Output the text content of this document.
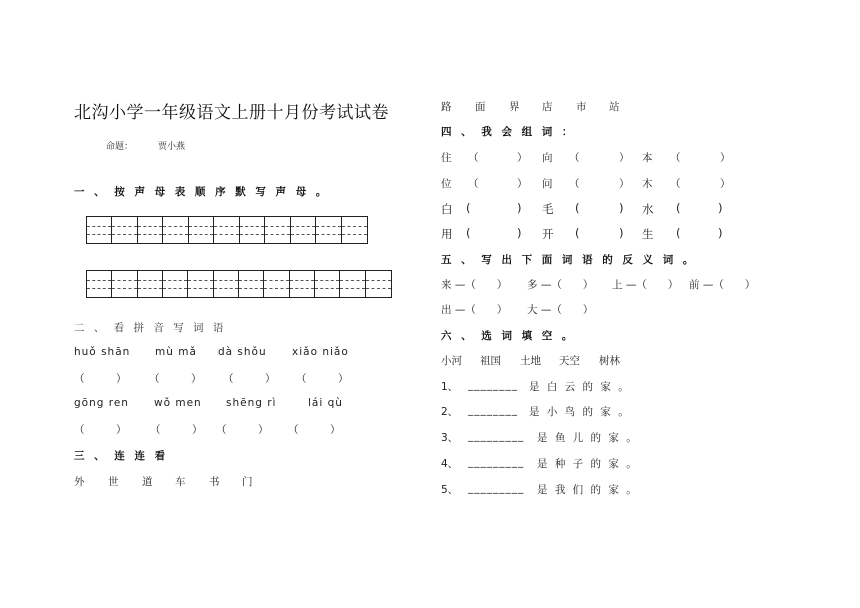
北沟小学一年级语文上册十月份考试试卷
命题：	贾小燕
一 、 按 声 母 表 顺 序 默 写 声 母 。
二 、 看 拼 音 写 词 语
huǒ shān mù mǎ dà shǒu xiǎo niǎo
（　　　） （　　　） （　　　） （　　　）
gōng ren wǒ men shēng rì	lái qù
（　　　） （　　　） （　　　） （　　　）
三 、 连 连 看
外 世 道 车 书 门
路 面 界 店 市 站
四 、 我 会 组 词 ：
住 （	） 向 （	） 本 （	）
位 （	） 问 （	） 木 （	）
白 (	) 毛 (	) 水 (	)
用 (	) 开 (	) 生 (	)
五 、 写 出 下 面 词 语 的 反 义 词 。
来 —（　　） 多 —（　　） 上 —（　　） 前 —（　　）
出 —（　　） 大 —（　　）
六 、 选 词 填 空 。
小河 祖国 土地 天空 树林
1、 ________ 是 白 云 的 家 。
2、 ________ 是 小 鸟 的 家 。
3、 _________ 是 鱼 儿 的 家 。
4、 _________ 是 种 子 的 家 。
5、 _________ 是 我 们 的 家 。
